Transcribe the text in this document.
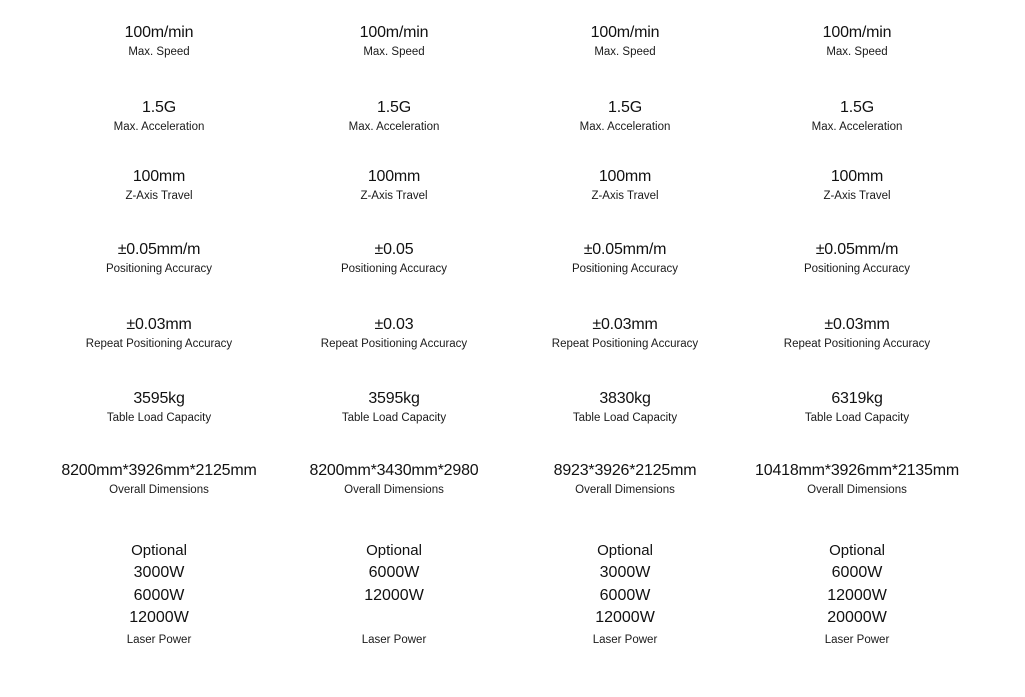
100m/min
Max. Speed
1.5G
Max. Acceleration
100mm
Z-Axis Travel
±0.05mm/m
Positioning Accuracy
±0.03mm
Repeat Positioning Accuracy
3595kg
Table Load Capacity
8200mm*3926mm*2125mm
Overall Dimensions
Optional
3000W
6000W
12000W
Laser Power
100m/min
Max. Speed
1.5G
Max. Acceleration
100mm
Z-Axis Travel
±0.05
Positioning Accuracy
±0.03
Repeat Positioning Accuracy
3595kg
Table Load Capacity
8200mm*3430mm*2980
Overall Dimensions
Optional
6000W
12000W
Laser Power
100m/min
Max. Speed
1.5G
Max. Acceleration
100mm
Z-Axis Travel
±0.05mm/m
Positioning Accuracy
±0.03mm
Repeat Positioning Accuracy
3830kg
Table Load Capacity
8923*3926*2125mm
Overall Dimensions
Optional
3000W
6000W
12000W
Laser Power
100m/min
Max. Speed
1.5G
Max. Acceleration
100mm
Z-Axis Travel
±0.05mm/m
Positioning Accuracy
±0.03mm
Repeat Positioning Accuracy
6319kg
Table Load Capacity
10418mm*3926mm*2135mm
Overall Dimensions
Optional
6000W
12000W
20000W
Laser Power
